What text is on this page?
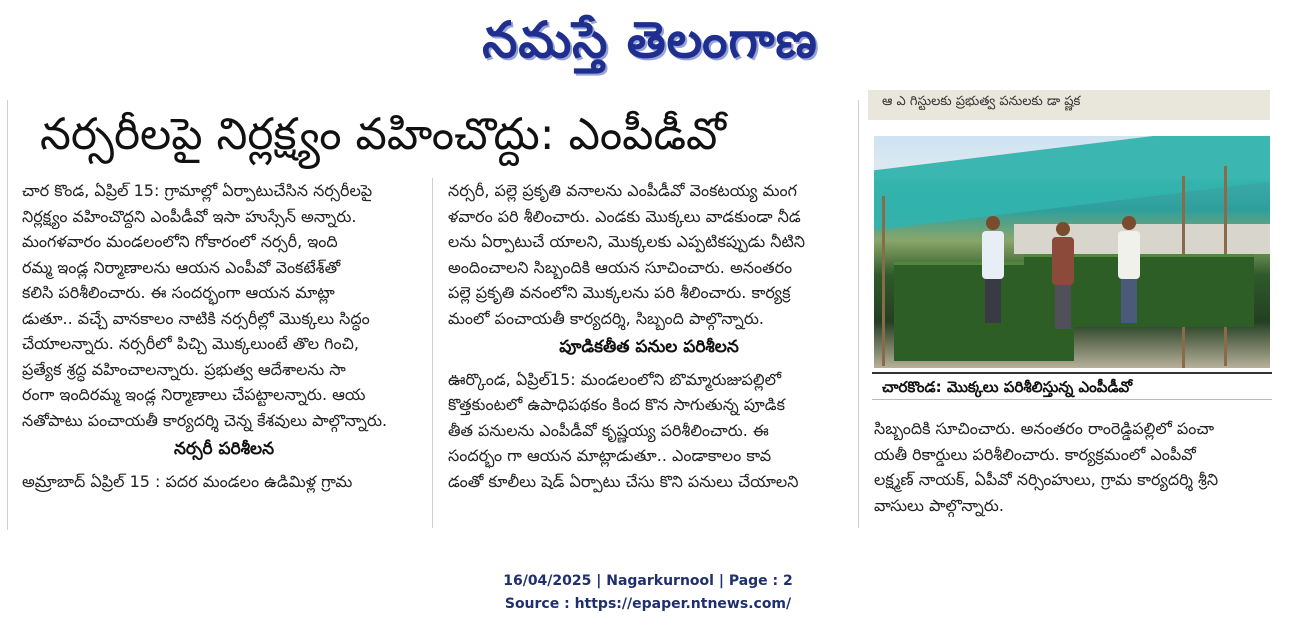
నమస్తే తెలంగాణ
నర్సరీలపై నిర్లక్ష్యం వహించొద్దు: ఎంపీడీవో

చార కొండ, ఏప్రిల్ 15: గ్రామాల్లో ఏర్పాటుచేసిన నర్సరీలపై

నిర్లక్ష్యం వహించొద్దని ఎంపీడీవో ఇసా హుస్సేన్ అన్నారు.

మంగళవారం మండలంలోని గోకారంలో నర్సరీ, ఇంది

రమ్మ ఇండ్ల నిర్మాణాలను ఆయన ఎంపీవో వెంకటేశ్‌తో

కలిసి పరిశీలించారు. ఈ సందర్భంగా ఆయన మాట్లా

డుతూ.. వచ్చే వానకాలం నాటికి నర్సరీల్లో మొక్కలు సిద్ధం

చేయాలన్నారు. నర్సరీలో పిచ్చి మొక్కలుంటే తొల గించి,

ప్రత్యేక శ్రద్ధ వహించాలన్నారు. ప్రభుత్వ ఆదేశాలను సా

రంగా ఇందిరమ్మ ఇండ్ల నిర్మాణాలు చేపట్టాలన్నారు. ఆయ

నతోపాటు పంచాయతీ కార్యదర్శి చెన్న కేశవులు పాల్గొన్నారు.

నర్సరీ పరిశీలన

అమ్రాబాద్ ఏప్రిల్ 15 : పదర మండలం ఉడిమిళ్ల గ్రామ

నర్సరీ, పల్లె ప్రకృతి వనాలను ఎంపీడీవో వెంకటయ్య మంగ

ళవారం పరి శీలించారు. ఎండకు మొక్కలు వాడకుండా నీడ

లను ఏర్పాటుచే యాలని, మొక్కలకు ఎప్పటికప్పుడు నీటిని

అందించాలని సిబ్బందికి ఆయన సూచించారు. అనంతరం

పల్లె ప్రకృతి వనంలోని మొక్కలను పరి శీలించారు. కార్యక్ర

మంలో పంచాయతీ కార్యదర్శి, సిబ్బంది పాల్గొన్నారు.

పూడికతీత పనుల పరిశీలన

ఊర్కొండ, ఏప్రిల్15: మండలంలోని బొమ్మారుజుపల్లిలో

కొత్తకుంటలో ఉపాధిపథకం కింద కొన సాగుతున్న పూడిక

తీత పనులను ఎంపీడీవో కృష్ణయ్య పరిశీలించారు. ఈ

సందర్భం గా ఆయన మాట్లాడుతూ.. ఎండాకాలం కావ

డంతో కూలీలు షెడ్ ఏర్పాటు చేసు కొని పనులు చేయాలని

ఆ ఎ గిస్టులకు ప్రభుత్వ పనులకు డా ష్ణక
చారకొండ: మొక్కలు పరిశీలిస్తున్న ఎంపీడీవో

సిబ్బందికి సూచించారు. అనంతరం రాంరెడ్డిపల్లిలో పంచా

యతీ రికార్డులు పరిశీలించారు. కార్యక్రమంలో ఎంపీవో

లక్ష్మణ్ నాయక్, ఏపీవో నర్సింహులు, గ్రామ కార్యదర్శి శ్రీని

వాసులు పాల్గొన్నారు.

16/04/2025 | Nagarkurnool | Page : 2
Source : https://epaper.ntnews.com/
